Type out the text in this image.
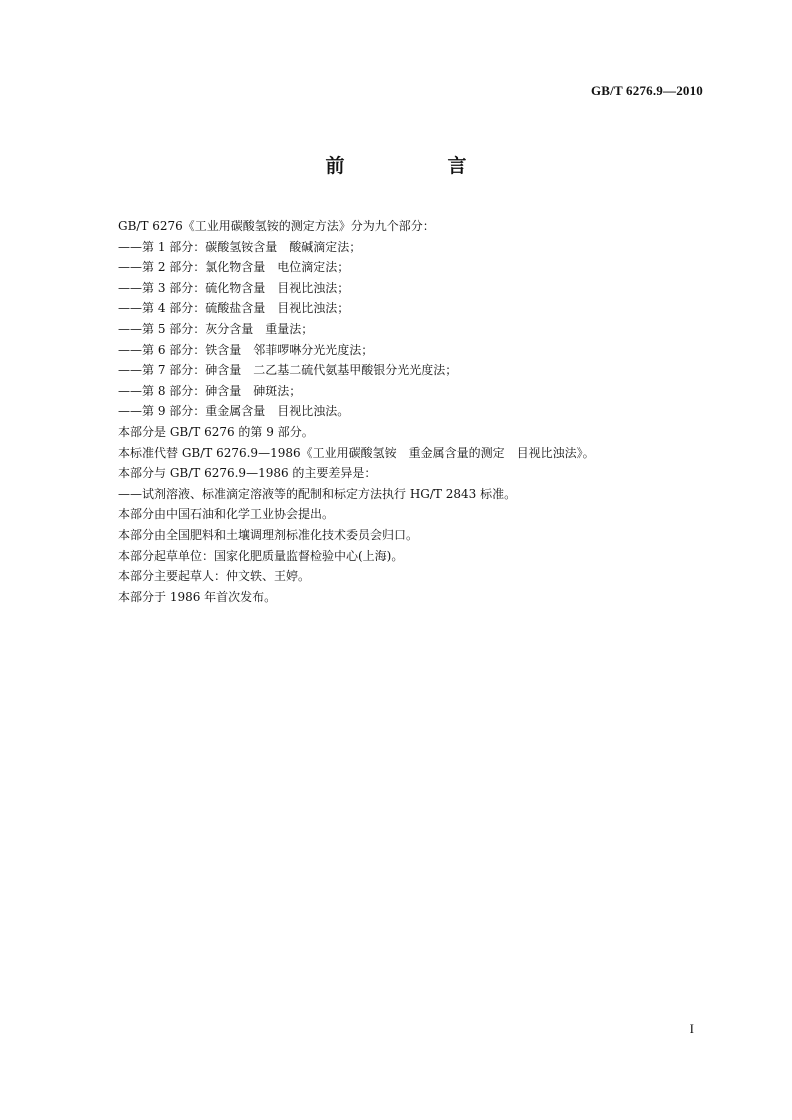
GB/T 6276.9—2010
前　言

GB/T 6276《工业用碳酸氢铵的测定方法》分为九个部分：

——第 1 部分：碳酸氢铵含量　酸碱滴定法；

——第 2 部分：氯化物含量　电位滴定法；

——第 3 部分：硫化物含量　目视比浊法；

——第 4 部分：硫酸盐含量　目视比浊法；

——第 5 部分：灰分含量　重量法；

——第 6 部分：铁含量　邻菲啰啉分光光度法；

——第 7 部分：砷含量　二乙基二硫代氨基甲酸银分光光度法；

——第 8 部分：砷含量　砷斑法；

——第 9 部分：重金属含量　目视比浊法。

本部分是 GB/T 6276 的第 9 部分。

本标准代替 GB/T 6276.9—1986《工业用碳酸氢铵　重金属含量的测定　目视比浊法》。

本部分与 GB/T 6276.9—1986 的主要差异是：

——试剂溶液、标准滴定溶液等的配制和标定方法执行 HG/T 2843 标准。

本部分由中国石油和化学工业协会提出。

本部分由全国肥料和土壤调理剂标准化技术委员会归口。

本部分起草单位：国家化肥质量监督检验中心(上海)。

本部分主要起草人：仲文轶、王婷。

本部分于 1986 年首次发布。

I
